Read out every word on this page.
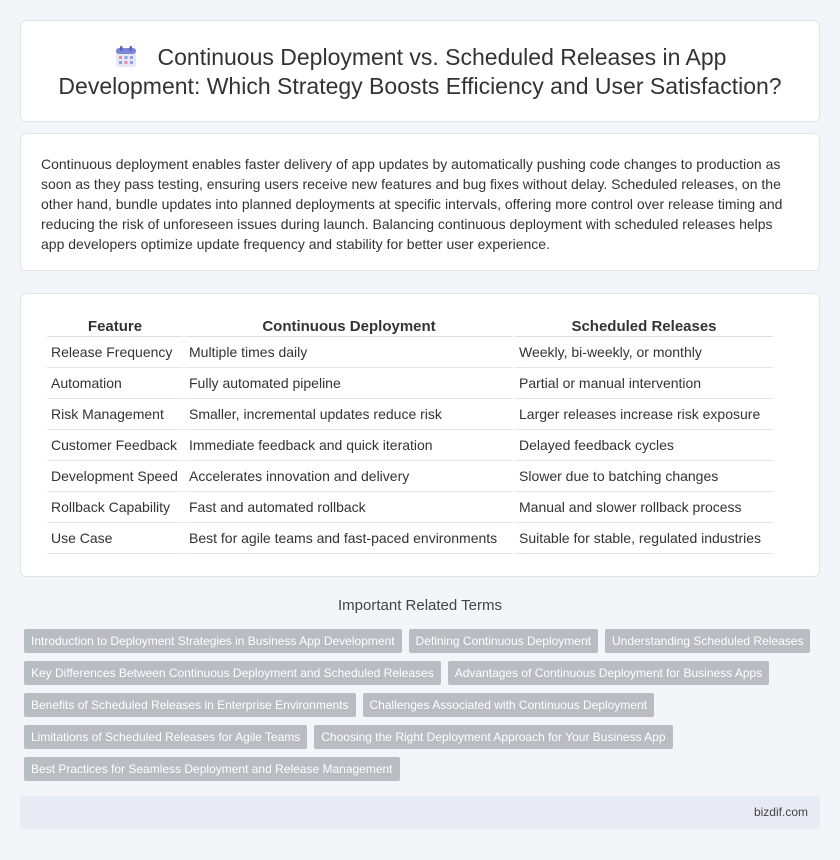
Continuous Deployment vs. Scheduled Releases in App Development: Which Strategy Boosts Efficiency and User Satisfaction?

Continuous deployment enables faster delivery of app updates by automatically pushing code changes to production as soon as they pass testing, ensuring users receive new features and bug fixes without delay. Scheduled releases, on the other hand, bundle updates into planned deployments at specific intervals, offering more control over release timing and reducing the risk of unforeseen issues during launch. Balancing continuous deployment with scheduled releases helps app developers optimize update frequency and stability for better user experience.

Feature	Continuous Deployment	Scheduled Releases
Release Frequency	Multiple times daily	Weekly, bi-weekly, or monthly
Automation	Fully automated pipeline	Partial or manual intervention
Risk Management	Smaller, incremental updates reduce risk	Larger releases increase risk exposure
Customer Feedback	Immediate feedback and quick iteration	Delayed feedback cycles
Development Speed	Accelerates innovation and delivery	Slower due to batching changes
Rollback Capability	Fast and automated rollback	Manual and slower rollback process
Use Case	Best for agile teams and fast-paced environments	Suitable for stable, regulated industries
Important Related Terms
Introduction to Deployment Strategies in Business App Development	Defining Continuous Deployment	Understanding Scheduled Releases
Key Differences Between Continuous Deployment and Scheduled Releases	Advantages of Continuous Deployment for Business Apps
Benefits of Scheduled Releases in Enterprise Environments	Challenges Associated with Continuous Deployment
Limitations of Scheduled Releases for Agile Teams	Choosing the Right Deployment Approach for Your Business App
Best Practices for Seamless Deployment and Release Management
bizdif.com
